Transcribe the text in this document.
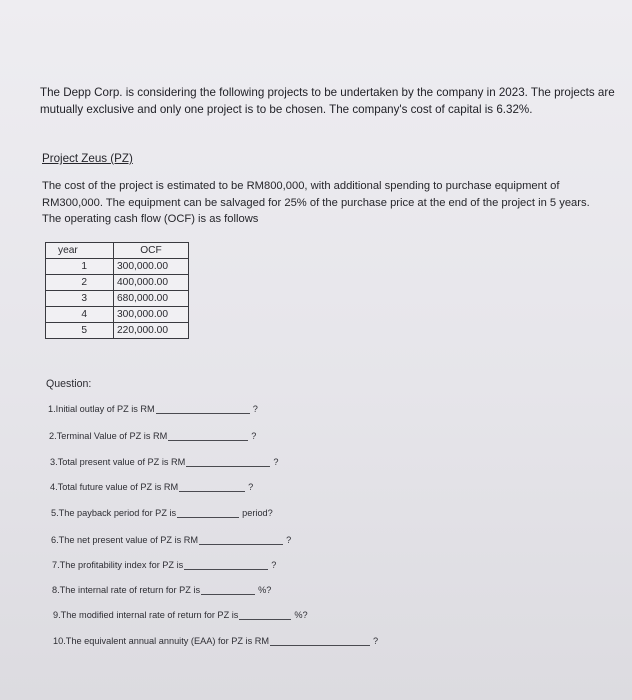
The Depp Corp. is considering the following projects to be undertaken by the company in 2023. The projects are mutually exclusive and only one project is to be chosen. The company's cost of capital is 6.32%.
Project Zeus (PZ)
The cost of the project is estimated to be RM800,000, with additional spending to purchase equipment of RM300,000. The equipment can be salvaged for 25% of the purchase price at the end of the project in 5 years. The operating cash flow (OCF) is as follows
year	OCF
1	300,000.00
2	400,000.00
3	680,000.00
4	300,000.00
5	220,000.00
Question:
1.Initial outlay of PZ is RM	?
2.Terminal Value of PZ is RM	?
3.Total present value of PZ is RM	?
4.Total future value of PZ is RM	?
5.The payback period for PZ is	period?
6.The net present value of PZ is RM	?
7.The profitability index for PZ is	?
8.The internal rate of return for PZ is	%?
9.The modified internal rate of return for PZ is	%?
10.The equivalent annual annuity (EAA) for PZ is RM	?
